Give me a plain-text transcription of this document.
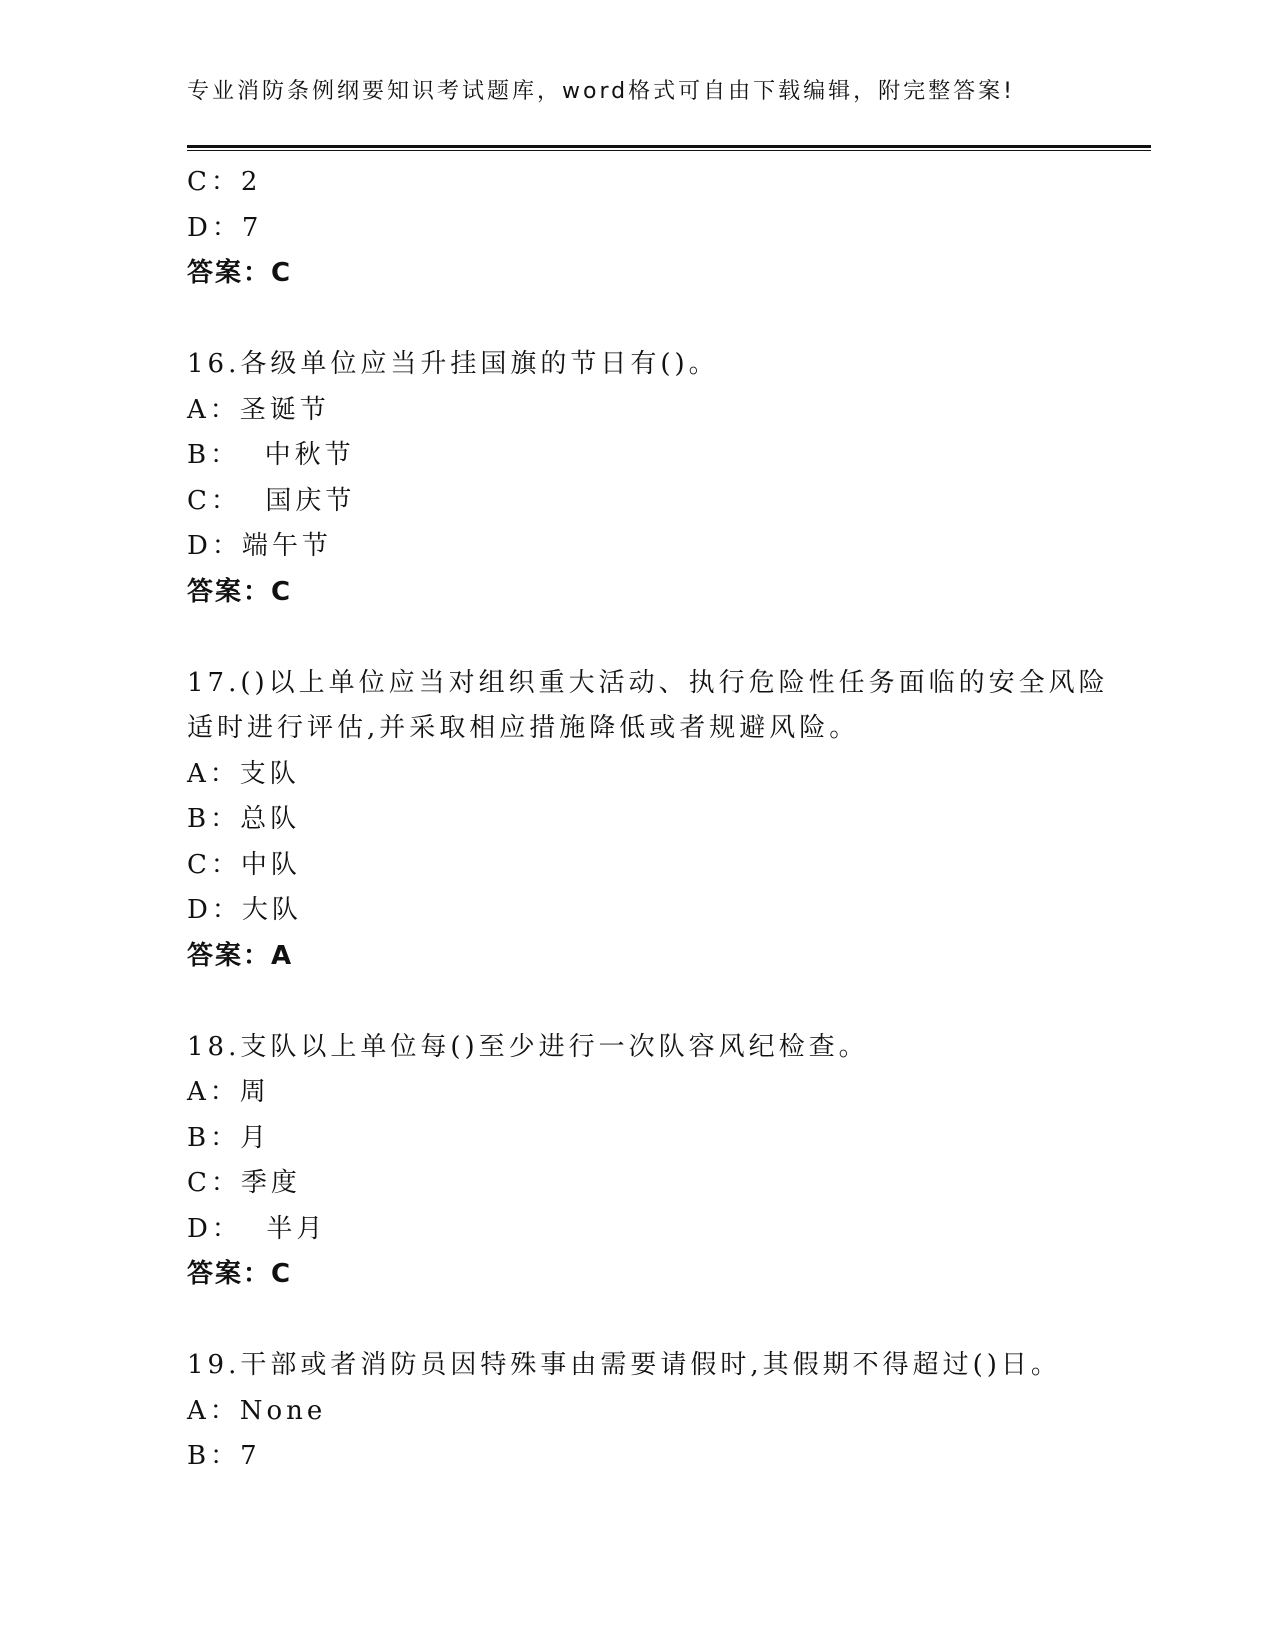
专业消防条例纲要知识考试题库，word格式可自由下载编辑，附完整答案!
C：2
D：7
答案：C
16.各级单位应当升挂国旗的节日有()。
A：圣诞节
B：  中秋节
C：  国庆节
D：端午节
答案：C
17.()以上单位应当对组织重大活动、执行危险性任务面临的安全风险
适时进行评估,并采取相应措施降低或者规避风险。
A：支队
B：总队
C：中队
D：大队
答案：A
18.支队以上单位每()至少进行一次队容风纪检查。
A：周
B：月
C：季度
D：  半月
答案：C
19.干部或者消防员因特殊事由需要请假时,其假期不得超过()日。
A：None
B：7
